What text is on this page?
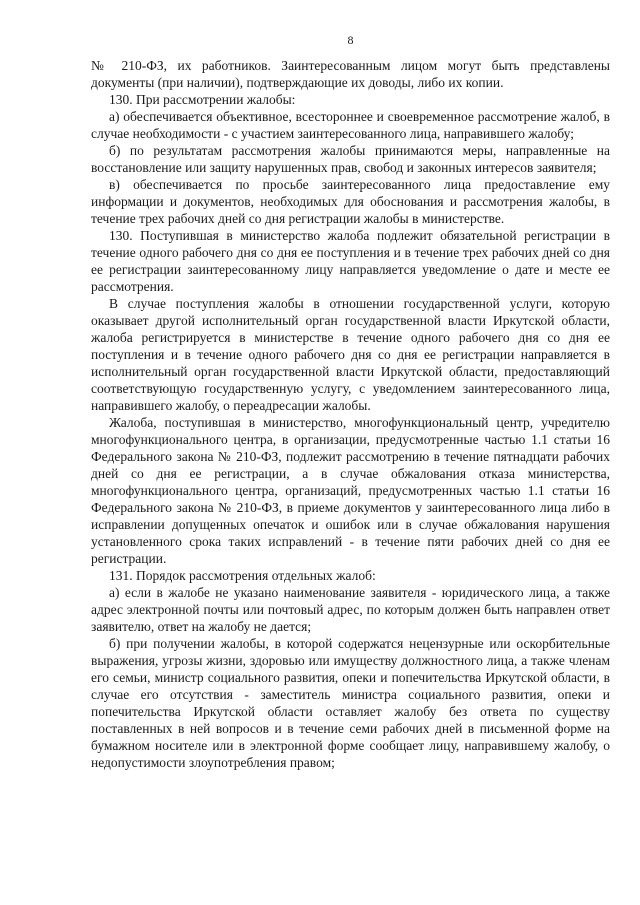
8

№ 210-ФЗ, их работников. Заинтересованным лицом могут быть представлены документы (при наличии), подтверждающие их доводы, либо их копии.

130. При рассмотрении жалобы:

а) обеспечивается объективное, всестороннее и своевременное рассмотрение жалоб, в случае необходимости - с участием заинтересованного лица, направившего жалобу;

б) по результатам рассмотрения жалобы принимаются меры, направленные на восстановление или защиту нарушенных прав, свобод и законных интересов заявителя;

в) обеспечивается по просьбе заинтересованного лица предоставление ему информации и документов, необходимых для обоснования и рассмотрения жалобы, в течение трех рабочих дней со дня регистрации жалобы в министерстве.

130. Поступившая в министерство жалоба подлежит обязательной регистрации в течение одного рабочего дня со дня ее поступления и в течение трех рабочих дней со дня ее регистрации заинтересованному лицу направляется уведомление о дате и месте ее рассмотрения.

В случае поступления жалобы в отношении государственной услуги, которую оказывает другой исполнительный орган государственной власти Иркутской области, жалоба регистрируется в министерстве в течение одного рабочего дня со дня ее поступления и в течение одного рабочего дня со дня ее регистрации направляется в исполнительный орган государственной власти Иркутской области, предоставляющий соответствующую государственную услугу, с уведомлением заинтересованного лица, направившего жалобу, о переадресации жалобы.

Жалоба, поступившая в министерство, многофункциональный центр, учредителю многофункционального центра, в организации, предусмотренные частью 1.1 статьи 16 Федерального закона № 210-ФЗ, подлежит рассмотрению в течение пятнадцати рабочих дней со дня ее регистрации, а в случае обжалования отказа министерства, многофункционального центра, организаций, предусмотренных частью 1.1 статьи 16 Федерального закона № 210-ФЗ, в приеме документов у заинтересованного лица либо в исправлении допущенных опечаток и ошибок или в случае обжалования нарушения установленного срока таких исправлений - в течение пяти рабочих дней со дня ее регистрации.

131. Порядок рассмотрения отдельных жалоб:

а) если в жалобе не указано наименование заявителя - юридического лица, а также адрес электронной почты или почтовый адрес, по которым должен быть направлен ответ заявителю, ответ на жалобу не дается;

б) при получении жалобы, в которой содержатся нецензурные или оскорбительные выражения, угрозы жизни, здоровью или имуществу должностного лица, а также членам его семьи, министр социального развития, опеки и попечительства Иркутской области, в случае его отсутствия - заместитель министра социального развития, опеки и попечительства Иркутской области оставляет жалобу без ответа по существу поставленных в ней вопросов и в течение семи рабочих дней в письменной форме на бумажном носителе или в электронной форме сообщает лицу, направившему жалобу, о недопустимости злоупотребления правом;
